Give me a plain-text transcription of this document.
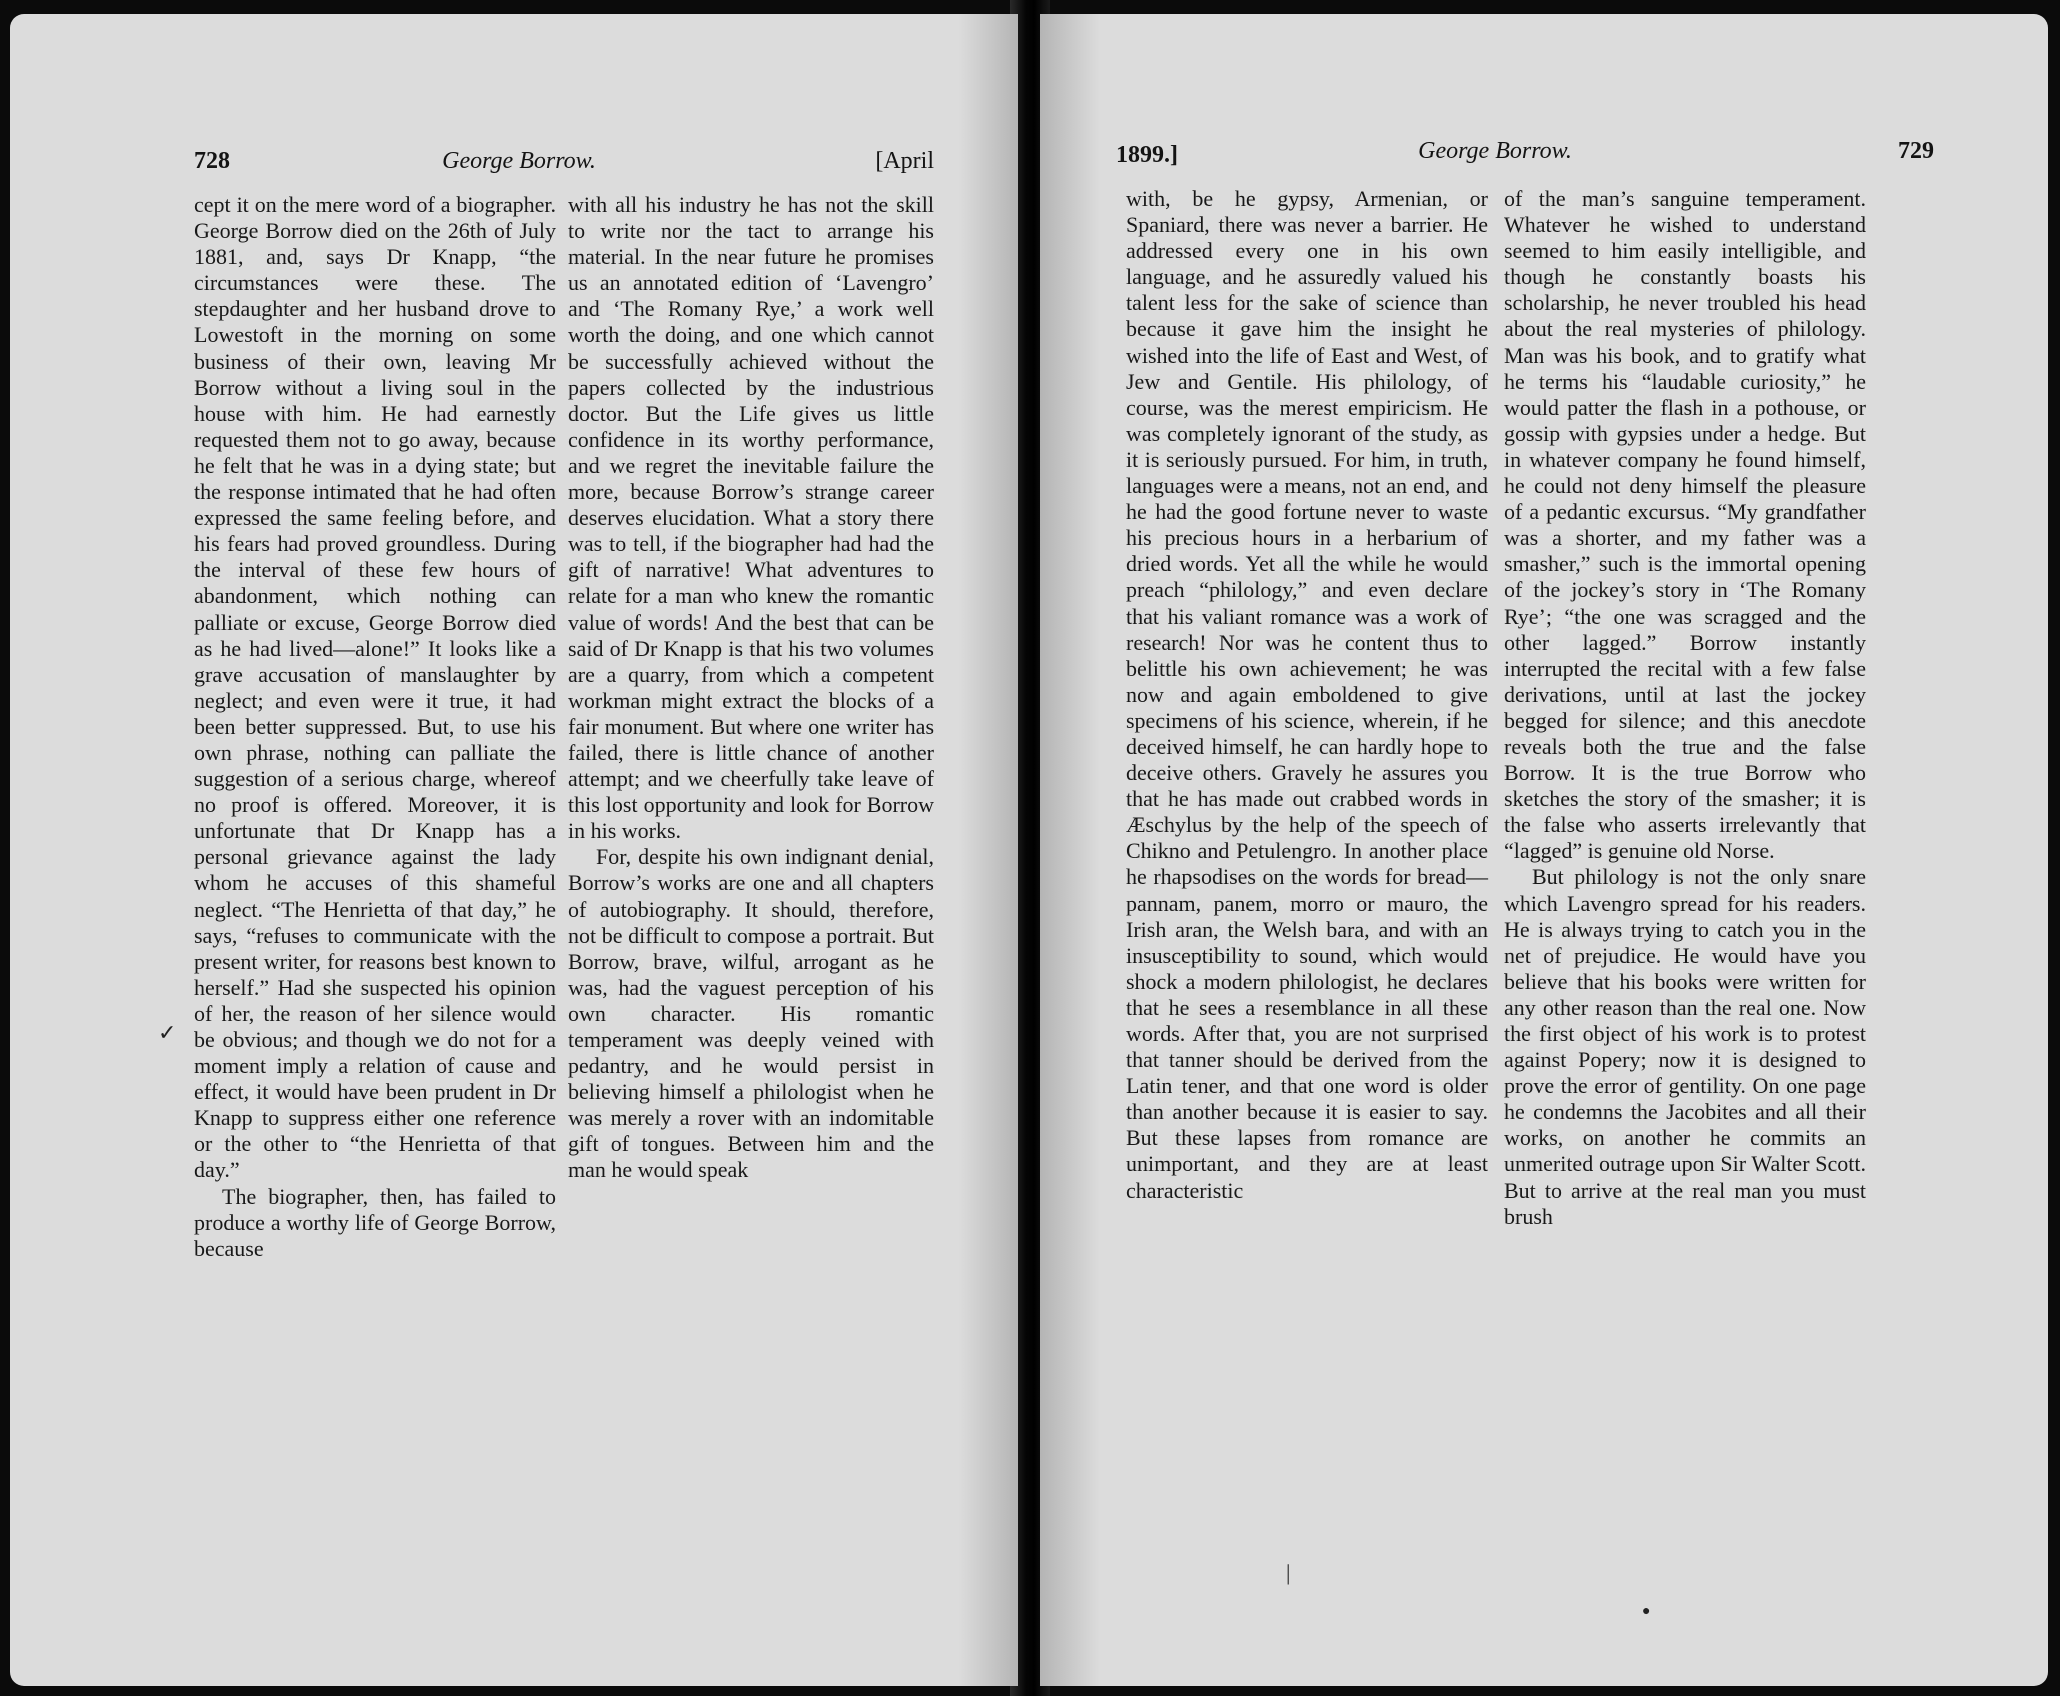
728	George Borrow.	[April

cept it on the mere word of a biographer. George Borrow died on the 26th of July 1881, and, says Dr Knapp, “the circumstances were these. The stepdaughter and her husband drove to Lowestoft in the morning on some business of their own, leaving Mr Borrow without a living soul in the house with him. He had earnestly requested them not to go away, because he felt that he was in a dying state; but the response intimated that he had often expressed the same feeling before, and his fears had proved groundless. During the interval of these few hours of abandonment, which nothing can palliate or excuse, George Borrow died as he had lived—alone!” It looks like a grave accusation of manslaughter by neglect; and even were it true, it had been better suppressed. But, to use his own phrase, nothing can palliate the suggestion of a serious charge, whereof no proof is offered. Moreover, it is unfortunate that Dr Knapp has a personal grievance against the lady whom he accuses of this shameful neglect. “The Henrietta of that day,” he says, “refuses to communicate with the present writer, for reasons best known to herself.” Had she suspected his opinion of her, the reason of her silence would be obvious; and though we do not for a moment imply a relation of cause and effect, it would have been prudent in Dr Knapp to suppress either one reference or the other to “the Henrietta of that day.”

The biographer, then, has failed to produce a worthy life of George Borrow, because

with all his industry he has not the skill to write nor the tact to arrange his material. In the near future he promises us an annotated edition of ‘Lavengro’ and ‘The Romany Rye,’ a work well worth the doing, and one which cannot be successfully achieved without the papers collected by the industrious doctor. But the Life gives us little confidence in its worthy performance, and we regret the inevitable failure the more, because Borrow’s strange career deserves elucidation. What a story there was to tell, if the biographer had had the gift of narrative! What adventures to relate for a man who knew the romantic value of words! And the best that can be said of Dr Knapp is that his two volumes are a quarry, from which a competent workman might extract the blocks of a fair monument. But where one writer has failed, there is little chance of another attempt; and we cheerfully take leave of this lost opportunity and look for Borrow in his works.

For, despite his own indignant denial, Borrow’s works are one and all chapters of autobiography. It should, therefore, not be difficult to compose a portrait. But Borrow, brave, wilful, arrogant as he was, had the vaguest perception of his own character. His romantic temperament was deeply veined with pedantry, and he would persist in believing himself a philologist when he was merely a rover with an indomitable gift of tongues. Between him and the man he would speak

✓
1899.]	George Borrow.	729

with, be he gypsy, Armenian, or Spaniard, there was never a barrier. He addressed every one in his own language, and he assuredly valued his talent less for the sake of science than because it gave him the insight he wished into the life of East and West, of Jew and Gentile. His philology, of course, was the merest empiricism. He was completely ignorant of the study, as it is seriously pursued. For him, in truth, languages were a means, not an end, and he had the good fortune never to waste his precious hours in a herbarium of dried words. Yet all the while he would preach “philology,” and even declare that his valiant romance was a work of research! Nor was he content thus to belittle his own achievement; he was now and again emboldened to give specimens of his science, wherein, if he deceived himself, he can hardly hope to deceive others. Gravely he assures you that he has made out crabbed words in Æschylus by the help of the speech of Chikno and Petulengro. In another place he rhapsodises on the words for bread—pannam, panem, morro or mauro, the Irish aran, the Welsh bara, and with an insusceptibility to sound, which would shock a modern philologist, he declares that he sees a resemblance in all these words. After that, you are not surprised that tanner should be derived from the Latin tener, and that one word is older than another because it is easier to say. But these lapses from romance are unimportant, and they are at least characteristic

of the man’s sanguine temperament. Whatever he wished to understand seemed to him easily intelligible, and though he constantly boasts his scholarship, he never troubled his head about the real mysteries of philology. Man was his book, and to gratify what he terms his “laudable curiosity,” he would patter the flash in a pothouse, or gossip with gypsies under a hedge. But in whatever company he found himself, he could not deny himself the pleasure of a pedantic excursus. “My grandfather was a shorter, and my father was a smasher,” such is the immortal opening of the jockey’s story in ‘The Romany Rye’; “the one was scragged and the other lagged.” Borrow instantly interrupted the recital with a few false derivations, until at last the jockey begged for silence; and this anecdote reveals both the true and the false Borrow. It is the true Borrow who sketches the story of the smasher; it is the false who asserts irrelevantly that “lagged” is genuine old Norse.

But philology is not the only snare which Lavengro spread for his readers. He is always trying to catch you in the net of prejudice. He would have you believe that his books were written for any other reason than the real one. Now the first object of his work is to protest against Popery; now it is designed to prove the error of gentility. On one page he condemns the Jacobites and all their works, on another he commits an unmerited outrage upon Sir Walter Scott. But to arrive at the real man you must brush

|
●
